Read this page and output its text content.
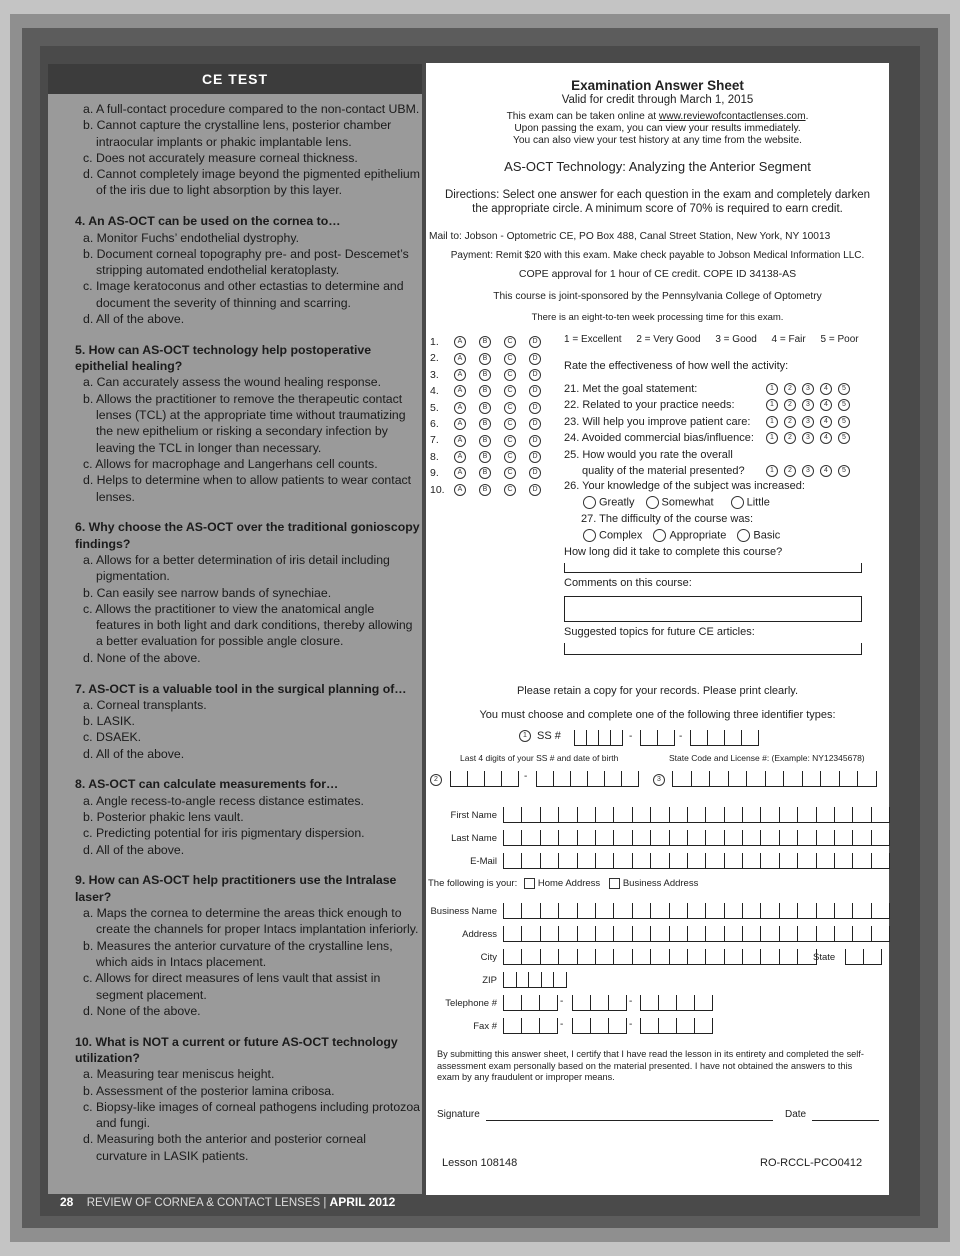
CE TEST

a. A full-contact procedure compared to the non-contact UBM.

b. Cannot capture the crystalline lens, posterior chamber intraocular implants or phakic implantable lens.

c. Does not accurately measure corneal thickness.

d. Cannot completely image beyond the pigmented epithelium of the iris due to light absorption by this layer.

4. An AS-OCT can be used on the cornea to…

a. Monitor Fuchs’ endothelial dystrophy.

b. Document corneal topography pre- and post- Descemet’s stripping automated endothelial keratoplasty.

c. Image keratoconus and other ectastias to determine and document the severity of thinning and scarring.

d. All of the above.

5. How can AS-OCT technology help postoperative epithelial healing?

a. Can accurately assess the wound healing response.

b. Allows the practitioner to remove the therapeutic contact lenses (TCL) at the appropriate time without traumatizing the new epithelium or risking a secondary infection by leaving the TCL in longer than necessary.

c. Allows for macrophage and Langerhans cell counts.

d. Helps to determine when to allow patients to wear contact lenses.

6. Why choose the AS-OCT over the traditional gonioscopy findings?

a. Allows for a better determination of iris detail including pigmentation.

b. Can easily see narrow bands of synechiae.

c. Allows the practitioner to view the anatomical angle features in both light and dark conditions, thereby allowing a better evaluation for possible angle closure.

d. None of the above.

7. AS-OCT is a valuable tool in the surgical planning of…

a. Corneal transplants.

b. LASIK.

c. DSAEK.

d. All of the above.

8. AS-OCT can calculate measurements for…

a. Angle recess-to-angle recess distance estimates.

b. Posterior phakic lens vault.

c. Predicting potential for iris pigmentary dispersion.

d. All of the above.

9. How can AS-OCT help practitioners use the Intralase laser?

a. Maps the cornea to determine the areas thick enough to create the channels for proper Intacs implantation inferiorly.

b. Measures the anterior curvature of the crystalline lens, which aids in Intacs placement.

c. Allows for direct measures of lens vault that assist in segment placement.

d. None of the above.

10. What is NOT a current or future AS-OCT technology utilization?

a. Measuring tear meniscus height.

b. Assessment of the posterior lamina cribosa.

c. Biopsy-like images of corneal pathogens including protozoa and fungi.

d. Measuring both the anterior and posterior corneal curvature in LASIK patients.

28 REVIEW OF CORNEA & CONTACT LENSES | APRIL 2012
Examination Answer Sheet
Valid for credit through March 1, 2015
This exam can be taken online at www.reviewofcontactlenses.com.
Upon passing the exam, you can view your results immediately.
You can also view your test history at any time from the website.
AS-OCT Technology: Analyzing the Anterior Segment
Directions: Select one answer for each question in the exam and completely darken
the appropriate circle. A minimum score of 70% is required to earn credit.
Mail to: Jobson - Optometric CE, PO Box 488, Canal Street Station, New York, NY 10013
Payment: Remit $20 with this exam. Make check payable to Jobson Medical Information LLC.
COPE approval for 1 hour of CE credit. COPE ID 34138-AS
This course is joint-sponsored by the Pennsylvania College of Optometry
There is an eight-to-ten week processing time for this exam.
1.	A	B	C	D
2.	A	B	C	D
3.	A	B	C	D
4.	A	B	C	D
5.	A	B	C	D
6.	A	B	C	D
7.	A	B	C	D
8.	A	B	C	D
9.	A	B	C	D
10. A	B	C	D
1 = Excellent 2 = Very Good 3 = Good 4 = Fair 5 = Poor
Rate the effectiveness of how well the activity:
21. Met the goal statement:	1 2 3 4 5
22. Related to your practice needs:	1 2 3 4 5
23. Will help you improve patient care:	1 2 3 4 5
24. Avoided commercial bias/influence:	1 2 3 4 5
25. How would you rate the overall
quality of the material presented?	1 2 3 4 5
26. Your knowledge of the subject was increased:
Greatly Somewhat	Little
27. The difficulty of the course was:
Complex Appropriate Basic
How long did it take to complete this course?
Comments on this course:
Suggested topics for future CE articles:
Please retain a copy for your records. Please print clearly.
You must choose and complete one of the following three identifier types:
1 SS #	-	-
Last 4 digits of your SS # and date of birth	State Code and License #: (Example: NY12345678)
2	-	3
First Name
Last Name
E-Mail
The following is your: Home Address Business Address
Business Name
Address
City	State
ZIP
Telephone #	-	-
Fax #	-	-
By submitting this answer sheet, I certify that I have read the lesson in its entirety and completed the self-assessment exam personally based on the material presented. I have not obtained the answers to this exam by any fraudulent or improper means.
Signature	Date
Lesson 108148	RO-RCCL-PCO0412
